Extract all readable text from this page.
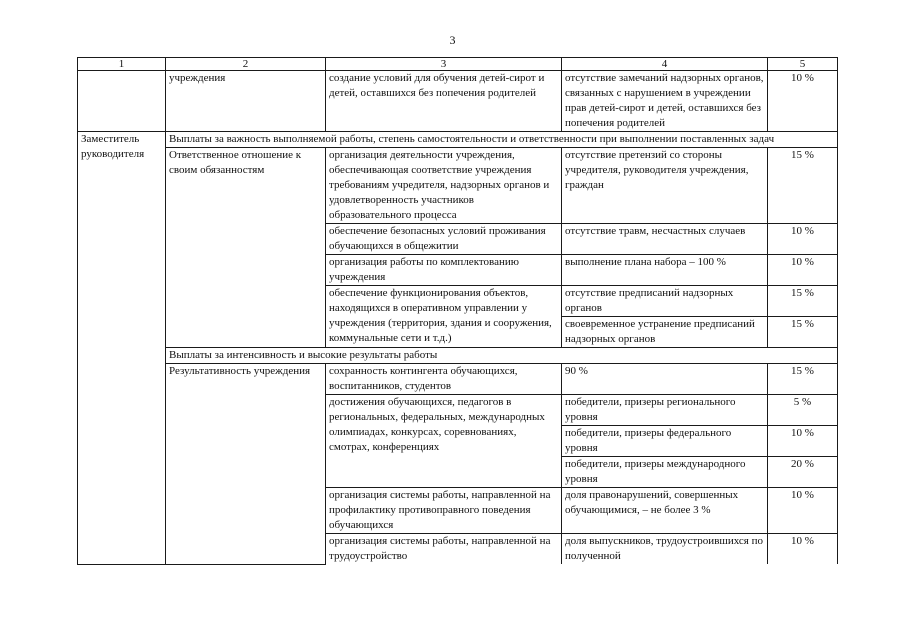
3
1	2	3	4	5
	учреждения	создание условий для обучения детей-сирот и детей, оставшихся без попечения родителей	отсутствие замечаний надзорных органов, связанных с нарушением в учреждении прав детей-сирот и детей, оставшихся без попечения родителей	10 %
Заместитель руководителя	Выплаты за важность выполняемой работы, степень самостоятельности и ответственности при выполнении поставленных задач			
	Ответственное отношение к своим обязанностям	организация деятельности учреждения, обеспечивающая соответствие учреждения требованиям учредителя, надзорных органов и удовлетворенность участников образовательного процесса	отсутствие претензий со стороны учредителя, руководителя учреждения, граждан	15 %
		обеспечение безопасных условий проживания обучающихся в общежитии	отсутствие травм, несчастных случаев	10 %
		организация работы по комплектованию учреждения	выполнение плана набора – 100 %	10 %
		обеспечение функционирования объектов, находящихся в оперативном управлении у учреждения (территория, здания и сооружения, коммунальные сети и т.д.)	отсутствие предписаний надзорных органов	15 %
			своевременное устранение предписаний надзорных органов	15 %
	Выплаты за интенсивность и высокие результаты работы			
	Результативность учреждения	сохранность контингента обучающихся, воспитанников, студентов	90 %	15 %
		достижения обучающихся, педагогов в региональных, федеральных, международных олимпиадах, конкурсах, соревнованиях, смотрах, конференциях	победители, призеры регионального уровня	5 %
			победители, призеры федерального уровня	10 %
			победители, призеры международного уровня	20 %
		организация системы работы, направленной на профилактику противоправного поведения обучающихся	доля правонарушений, совершенных обучающимися, – не более 3 %	10 %
		организация системы работы, направленной на трудоустройство	доля выпускников, трудоустроившихся по полученной	10 %
